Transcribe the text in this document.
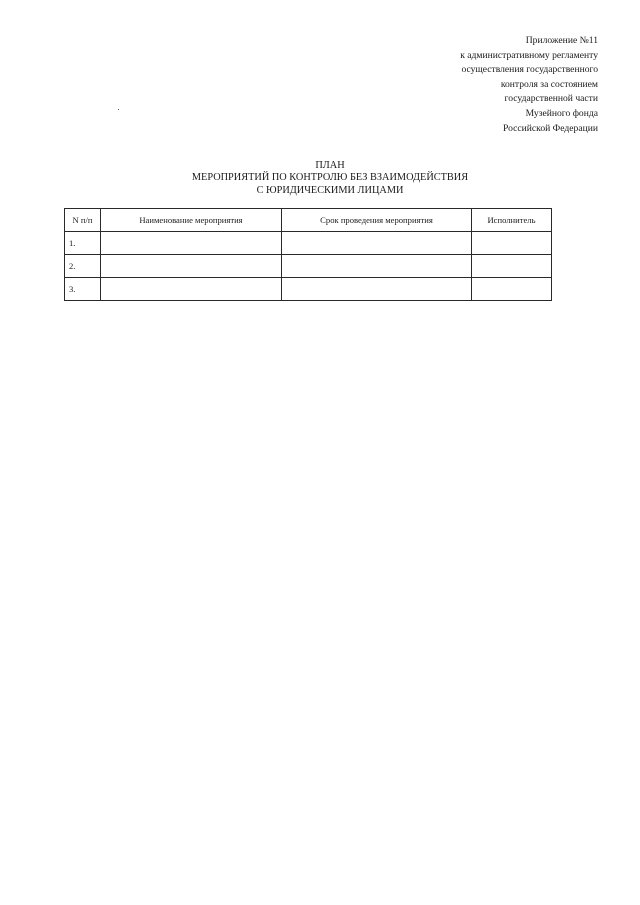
Приложение №11
к административному регламенту
осуществления государственного
контроля за состоянием
государственной части
Музейного фонда
Российской Федерации
ПЛАН
МЕРОПРИЯТИЙ ПО КОНТРОЛЮ БЕЗ ВЗАИМОДЕЙСТВИЯ
С ЮРИДИЧЕСКИМИ ЛИЦАМИ
N п/п	Наименование мероприятия	Срок проведения мероприятия	Исполнитель
1.			
2.			
3.			
